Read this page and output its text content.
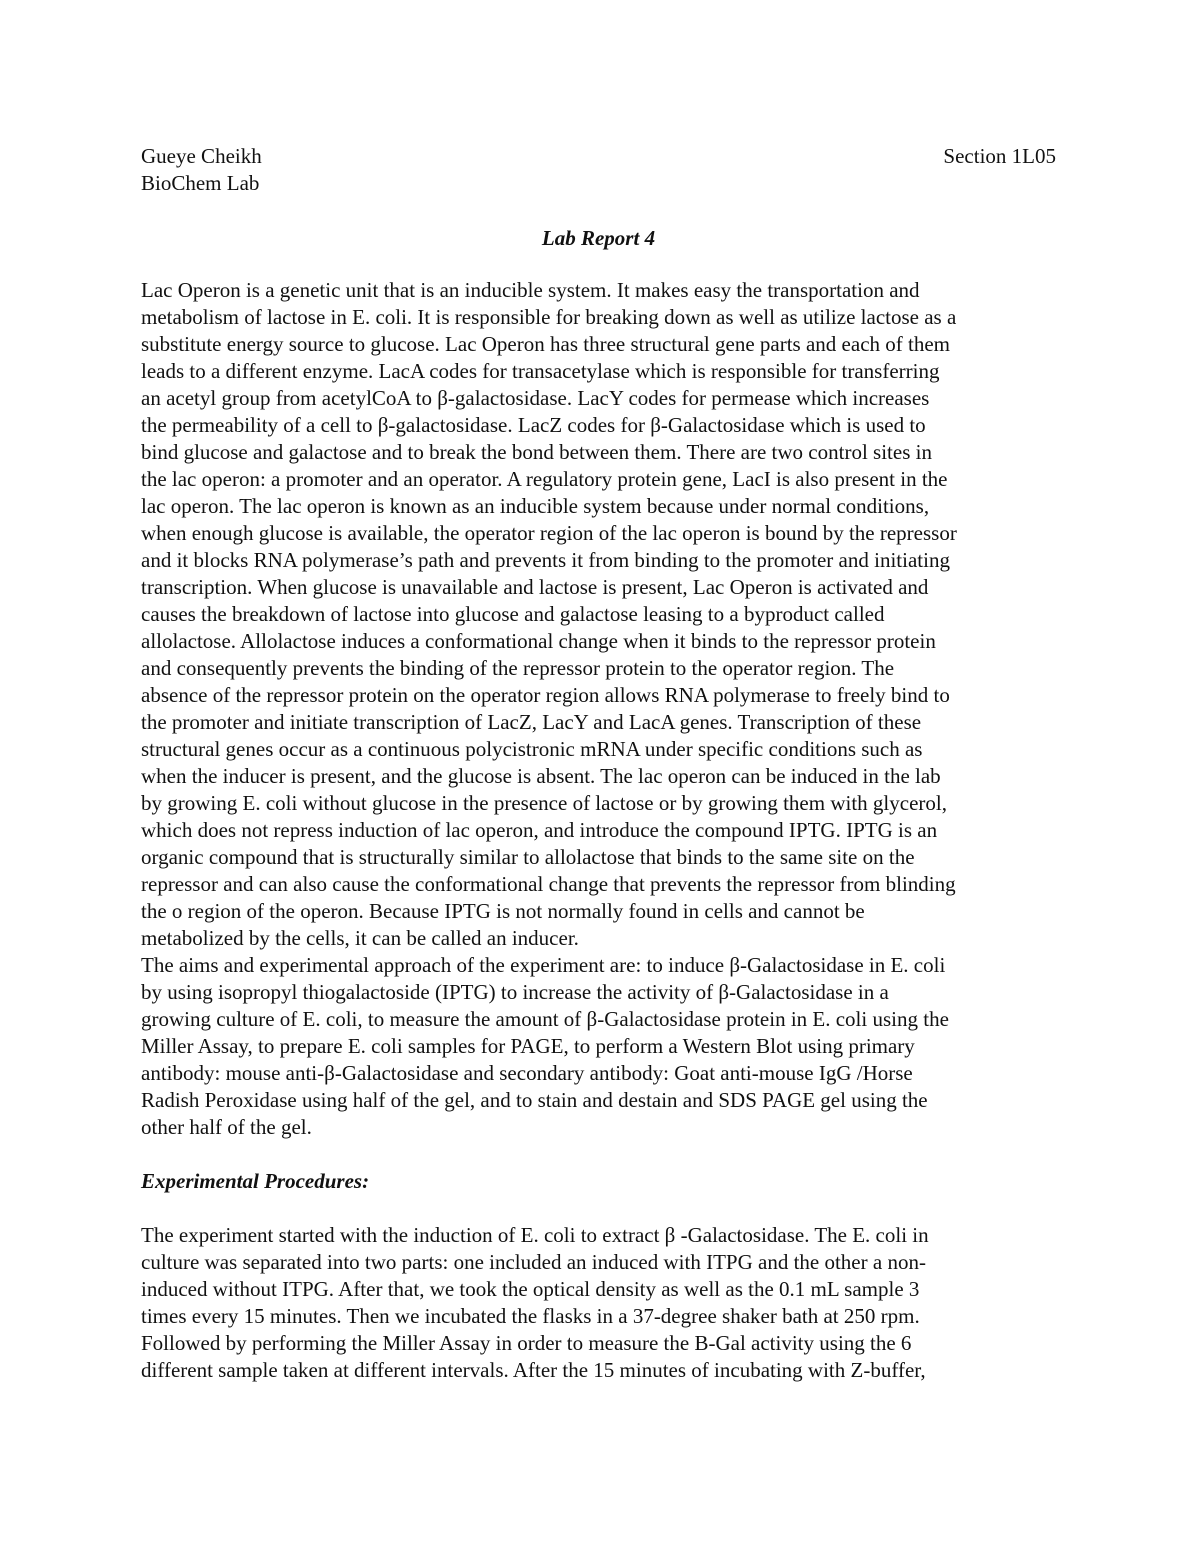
Gueye Cheikh	Section 1L05
BioChem Lab
Lab Report 4
Lac Operon is a genetic unit that is an inducible system. It makes easy the transportation and
metabolism of lactose in E. coli. It is responsible for breaking down as well as utilize lactose as a
substitute energy source to glucose. Lac Operon has three structural gene parts and each of them
leads to a different enzyme. LacA codes for transacetylase which is responsible for transferring
an acetyl group from acetylCoA to β-galactosidase. LacY codes for permease which increases
the permeability of a cell to β-galactosidase. LacZ codes for β-Galactosidase which is used to
bind glucose and galactose and to break the bond between them. There are two control sites in
the lac operon: a promoter and an operator. A regulatory protein gene, LacI is also present in the
lac operon. The lac operon is known as an inducible system because under normal conditions,
when enough glucose is available, the operator region of the lac operon is bound by the repressor
and it blocks RNA polymerase’s path and prevents it from binding to the promoter and initiating
transcription. When glucose is unavailable and lactose is present, Lac Operon is activated and
causes the breakdown of lactose into glucose and galactose leasing to a byproduct called
allolactose. Allolactose induces a conformational change when it binds to the repressor protein
and consequently prevents the binding of the repressor protein to the operator region. The
absence of the repressor protein on the operator region allows RNA polymerase to freely bind to
the promoter and initiate transcription of LacZ, LacY and LacA genes. Transcription of these
structural genes occur as a continuous polycistronic mRNA under specific conditions such as
when the inducer is present, and the glucose is absent. The lac operon can be induced in the lab
by growing E. coli without glucose in the presence of lactose or by growing them with glycerol,
which does not repress induction of lac operon, and introduce the compound IPTG. IPTG is an
organic compound that is structurally similar to allolactose that binds to the same site on the
repressor and can also cause the conformational change that prevents the repressor from blinding
the o region of the operon. Because IPTG is not normally found in cells and cannot be
metabolized by the cells, it can be called an inducer.
The aims and experimental approach of the experiment are: to induce β-Galactosidase in E. coli
by using isopropyl thiogalactoside (IPTG) to increase the activity of β-Galactosidase in a
growing culture of E. coli, to measure the amount of β-Galactosidase protein in E. coli using the
Miller Assay, to prepare E. coli samples for PAGE, to perform a Western Blot using primary
antibody: mouse anti-β-Galactosidase and secondary antibody: Goat anti-mouse IgG /Horse
Radish Peroxidase using half of the gel, and to stain and destain and SDS PAGE gel using the
other half of the gel.
Experimental Procedures:
The experiment started with the induction of E. coli to extract β -Galactosidase. The E. coli in
culture was separated into two parts: one included an induced with ITPG and the other a non-
induced without ITPG. After that, we took the optical density as well as the 0.1 mL sample 3
times every 15 minutes. Then we incubated the flasks in a 37-degree shaker bath at 250 rpm.
Followed by performing the Miller Assay in order to measure the B-Gal activity using the 6
different sample taken at different intervals. After the 15 minutes of incubating with Z-buffer,
